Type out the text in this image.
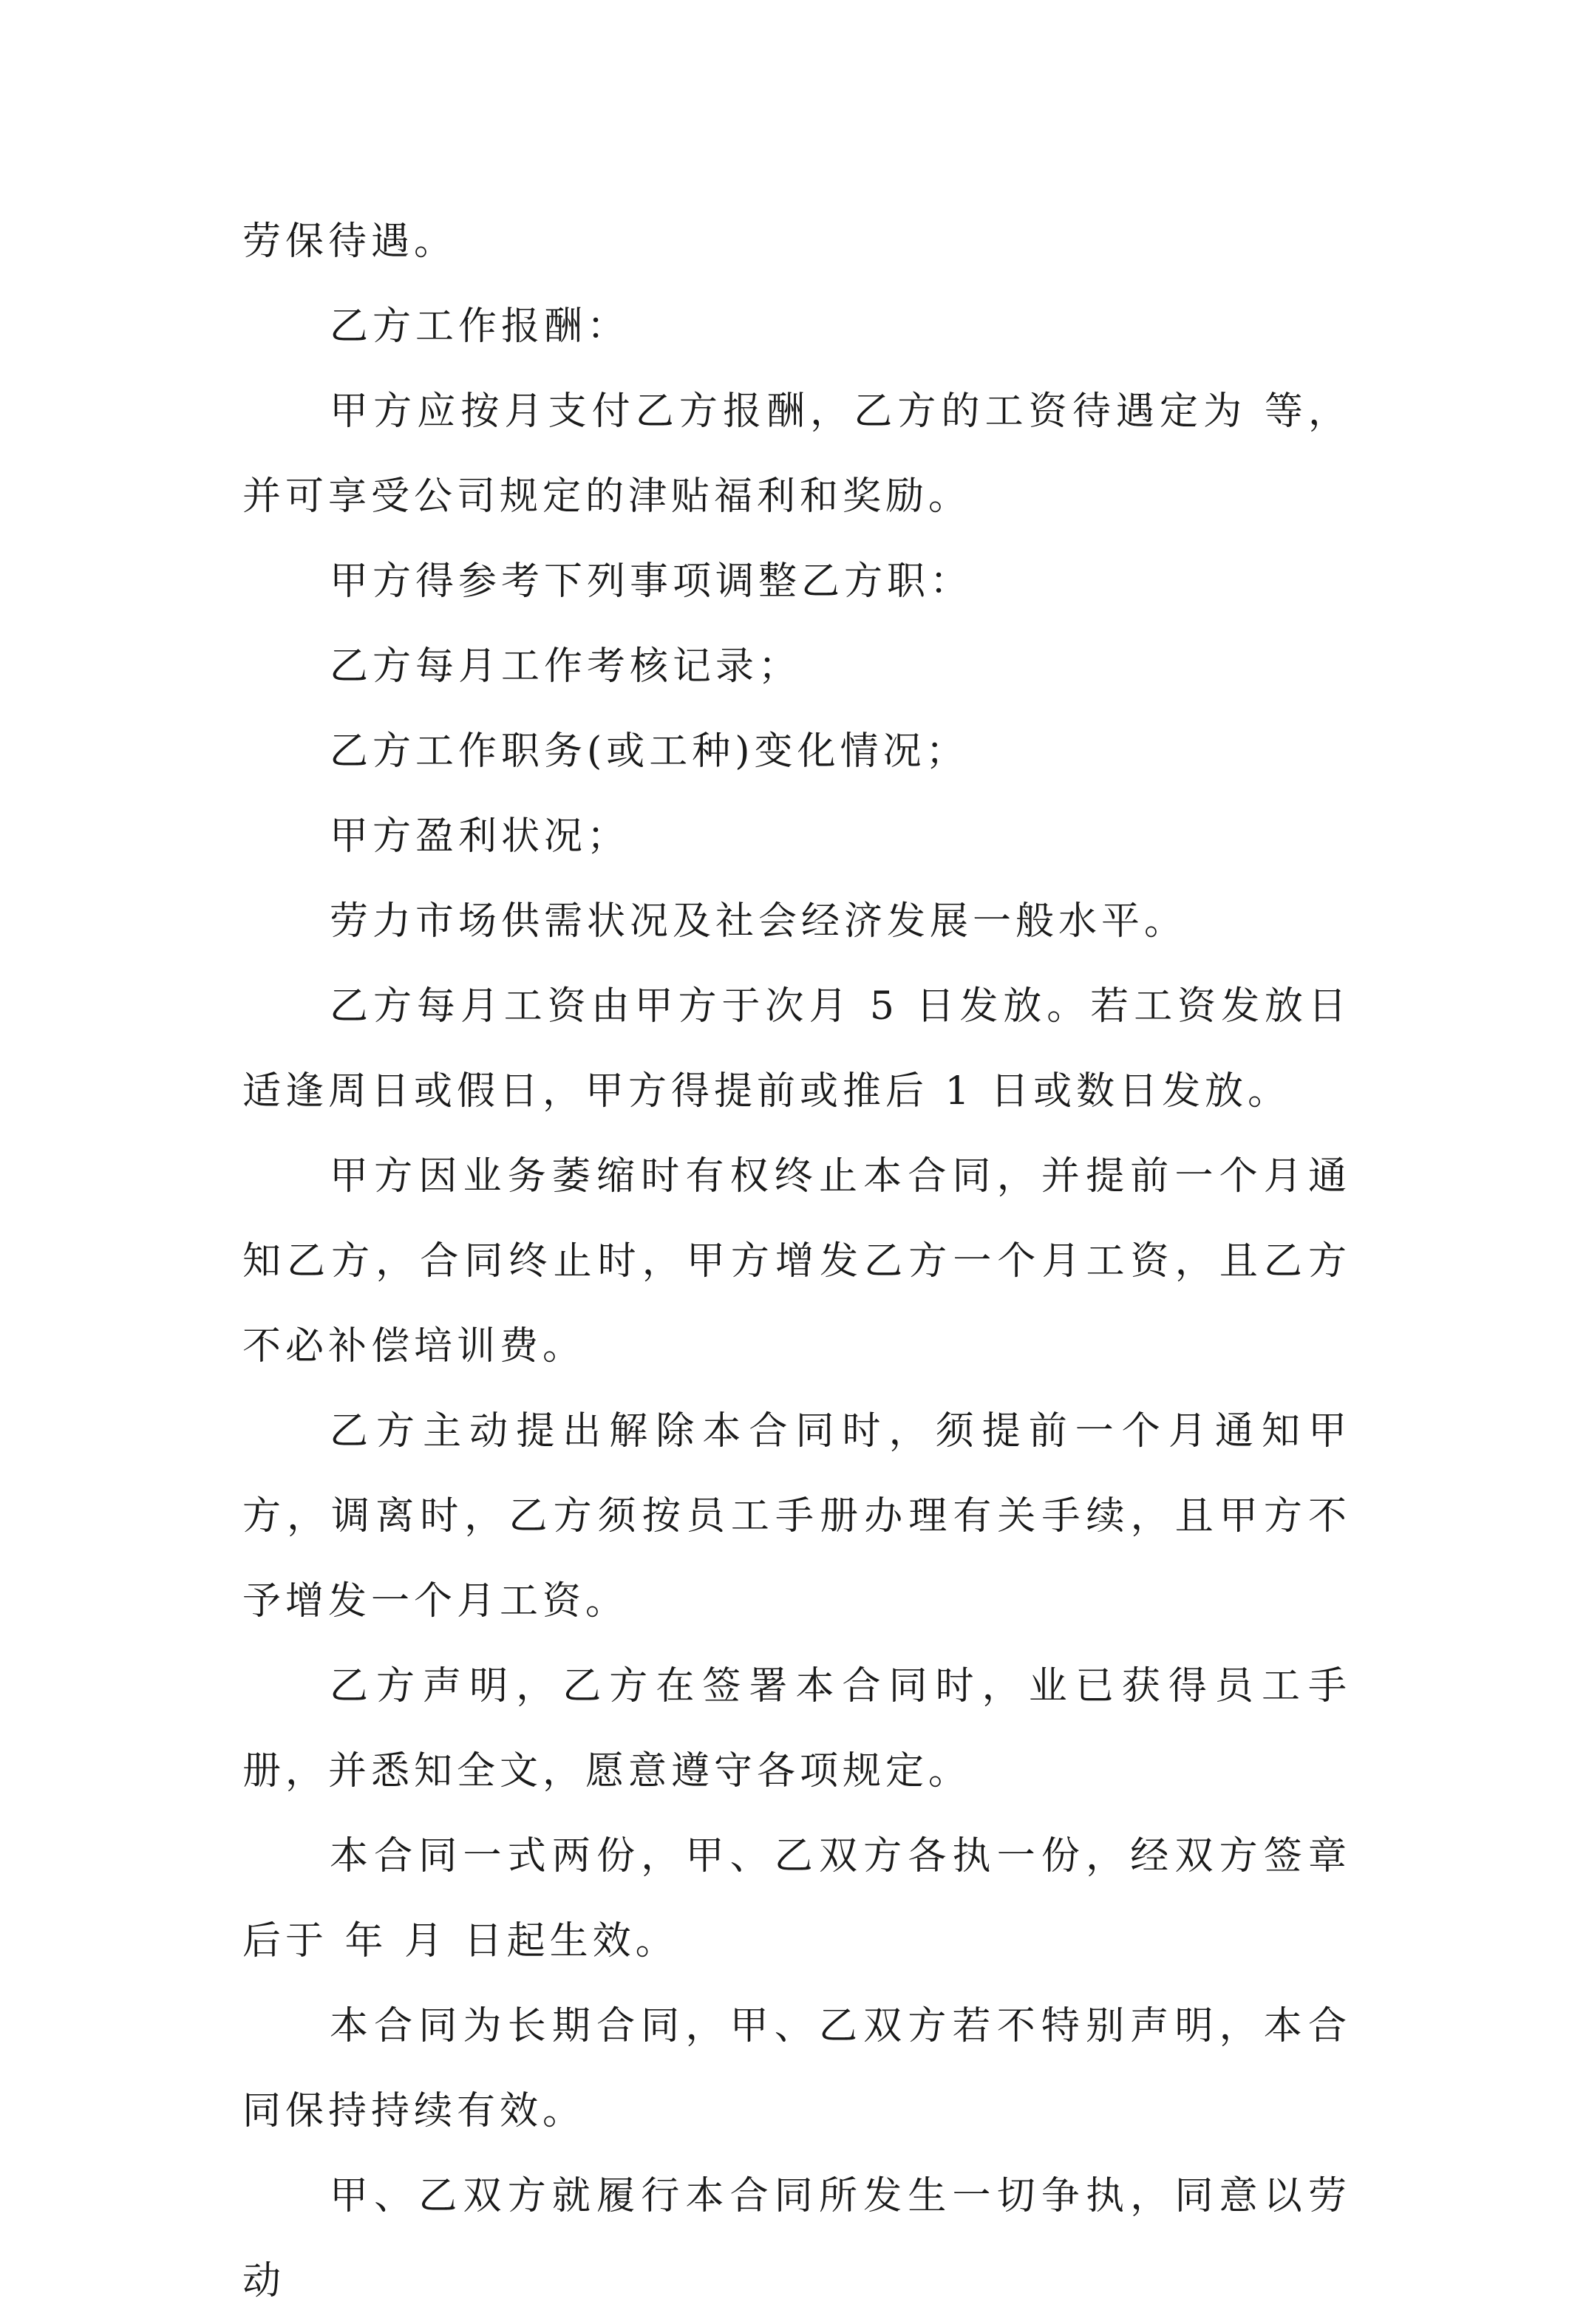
劳保待遇。

乙方工作报酬：

甲方应按月支付乙方报酬，乙方的工资待遇定为 等，并可享受公司规定的津贴福利和奖励。

甲方得参考下列事项调整乙方职：

乙方每月工作考核记录；

乙方工作职务(或工种)变化情况；

甲方盈利状况；

劳力市场供需状况及社会经济发展一般水平。

乙方每月工资由甲方于次月 5 日发放。若工资发放日适逢周日或假日，甲方得提前或推后 1 日或数日发放。

甲方因业务萎缩时有权终止本合同，并提前一个月通知乙方，合同终止时，甲方增发乙方一个月工资，且乙方不必补偿培训费。

乙方主动提出解除本合同时，须提前一个月通知甲方，调离时，乙方须按员工手册办理有关手续，且甲方不予增发一个月工资。

乙方声明，乙方在签署本合同时，业已获得员工手册，并悉知全文，愿意遵守各项规定。

本合同一式两份，甲、乙双方各执一份，经双方签章后于 年 月 日起生效。

本合同为长期合同，甲、乙双方若不特别声明，本合同保持持续有效。

甲、乙双方就履行本合同所发生一切争执，同意以劳动
